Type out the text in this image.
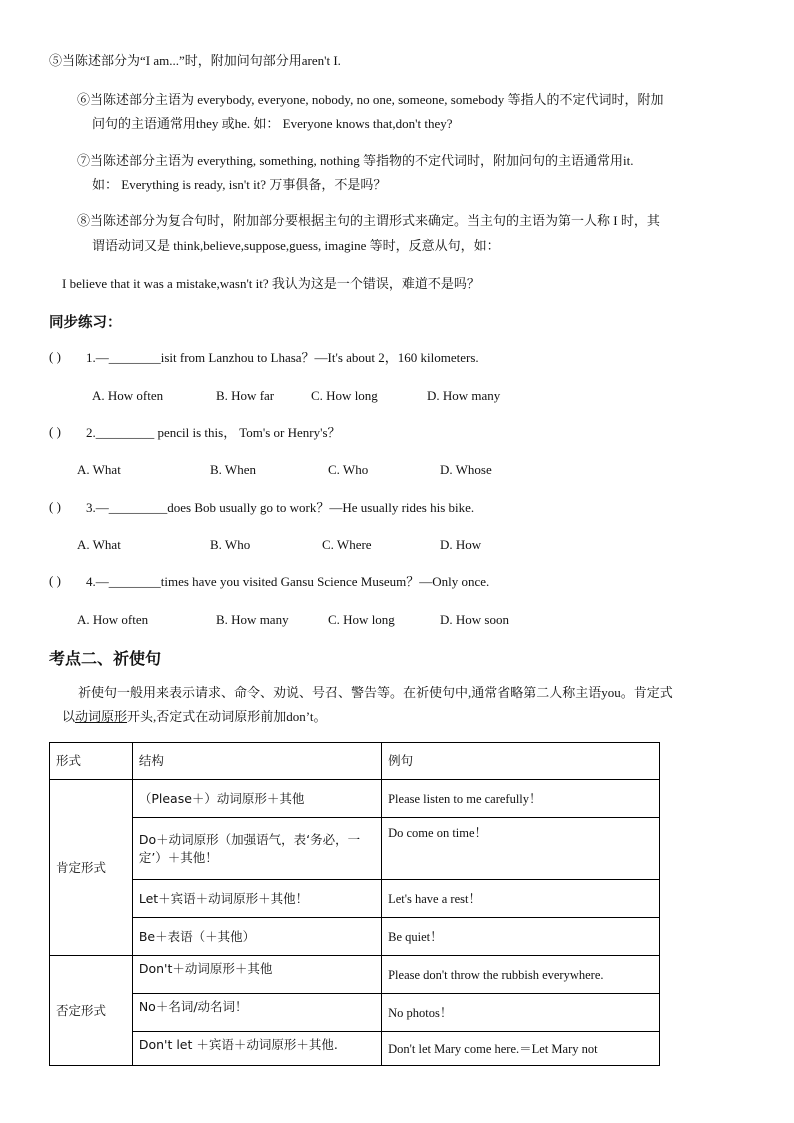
⑤当陈述部分为“I am...”时，附加问句部分用aren't I.
⑥当陈述部分主语为 everybody, everyone, nobody, no one, someone, somebody 等指人的不定代词时，附加
问句的主语通常用they 或he. 如： Everyone knows that,don't they?
⑦当陈述部分主语为 everything, something, nothing 等指物的不定代词时，附加问句的主语通常用it.
如： Everything is ready, isn't it? 万事俱备，不是吗？
⑧当陈述部分为复合句时，附加部分要根据主句的主谓形式来确定。当主句的主语为第一人称 I 时，其
谓语动词又是 think,believe,suppose,guess, imagine 等时，反意从句，如：
I believe that it was a mistake,wasn't it? 我认为这是一个错误，难道不是吗？
同步练习：
( ) 1.—________isit from Lanzhou to Lhasa？—It's about 2，160 kilometers.
A. How often	B. How far	C. How long	D. How many
( ) 2._________ pencil is this， Tom's or Henry's？
A. What	B. When	C. Who	D. Whose
( ) 3.—_________does Bob usually go to work？—He usually rides his bike.
A. What	B. Who	C. Where	D. How
( ) 4.—________times have you visited Gansu Science Museum？—Only once.
A. How often	B. How many	C. How long	D. How soon
考点二、祈使句
祈使句一般用来表示请求、命令、劝说、号召、警告等。在祈使句中,通常省略第二人称主语you。肯定式
以动词原形开头,否定式在动词原形前加don’t。
形式	结构	例句
肯定形式	（Please＋）动词原形＋其他	Please listen to me carefully！
	Do＋动词原形（加强语气，表‘务必，一定’）＋其他！	Do come on time！
	Let＋宾语＋动词原形＋其他！	Let's have a rest！
	Be＋表语（＋其他）	Be quiet！
否定形式	Don't＋动词原形＋其他	Please don't throw the rubbish everywhere.
	No＋名词/动名词！	No photos！
	Don't let ＋宾语＋动词原形＋其他.	Don't let Mary come here.＝Let Mary not
